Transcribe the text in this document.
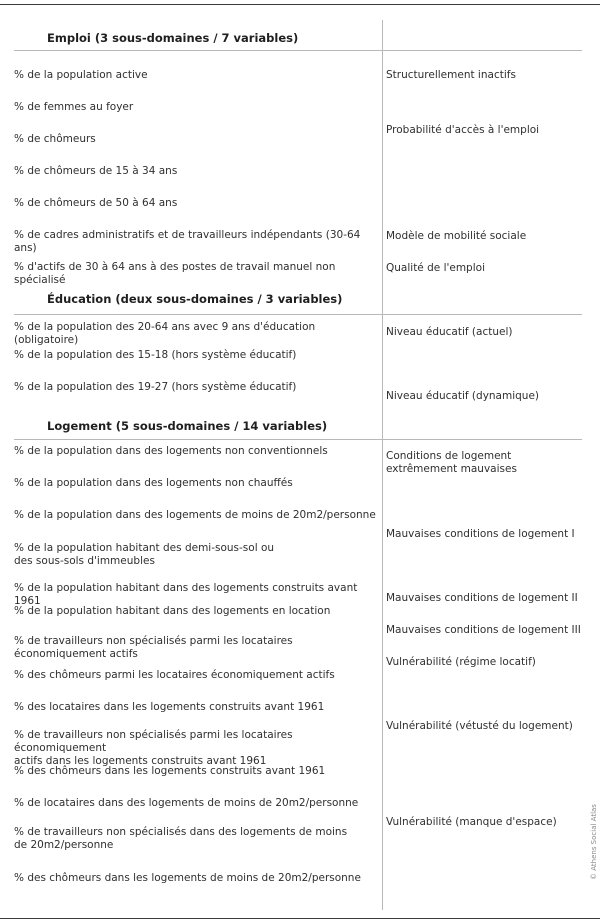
Emploi (3 sous-domaines / 7 variables)
% de la population active
% de femmes au foyer
% de chômeurs
% de chômeurs de 15 à 34 ans
% de chômeurs de 50 à 64 ans
% de cadres administratifs et de travailleurs indépendants (30-64 ans)
% d'actifs de 30 à 64 ans à des postes de travail manuel non spécialisé
Structurellement inactifs
Probabilité d'accès à l'emploi
Modèle de mobilité sociale
Qualité de l'emploi
Éducation (deux sous-domaines / 3 variables)
% de la population des 20-64 ans avec 9 ans d'éducation (obligatoire)
% de la population des 15-18 (hors système éducatif)
% de la population des 19-27 (hors système éducatif)
Niveau éducatif (actuel)
Niveau éducatif (dynamique)
Logement (5 sous-domaines / 14 variables)
% de la population dans des logements non conventionnels
% de la population dans des logements non chauffés
% de la population dans des logements de moins de 20m2/personne
% de la population habitant des demi-sous-sol ou
des sous-sols d'immeubles
% de la population habitant dans des logements construits avant 1961
% de la population habitant dans des logements en location
% de travailleurs non spécialisés parmi les locataires
économiquement actifs
% des chômeurs parmi les locataires économiquement actifs
% des locataires dans les logements construits avant 1961
% de travailleurs non spécialisés parmi les locataires économiquement
actifs dans les logements construits avant 1961
% des chômeurs dans les logements construits avant 1961
% de locataires dans des logements de moins de 20m2/personne
% de travailleurs non spécialisés dans des logements de moins
de 20m2/personne
% des chômeurs dans les logements de moins de 20m2/personne
Conditions de logement
extrêmement mauvaises
Mauvaises conditions de logement I
Mauvaises conditions de logement II
Mauvaises conditions de logement III
Vulnérabilité (régime locatif)
Vulnérabilité (vétusté du logement)
Vulnérabilité (manque d'espace)	© Athens Social Atlas
